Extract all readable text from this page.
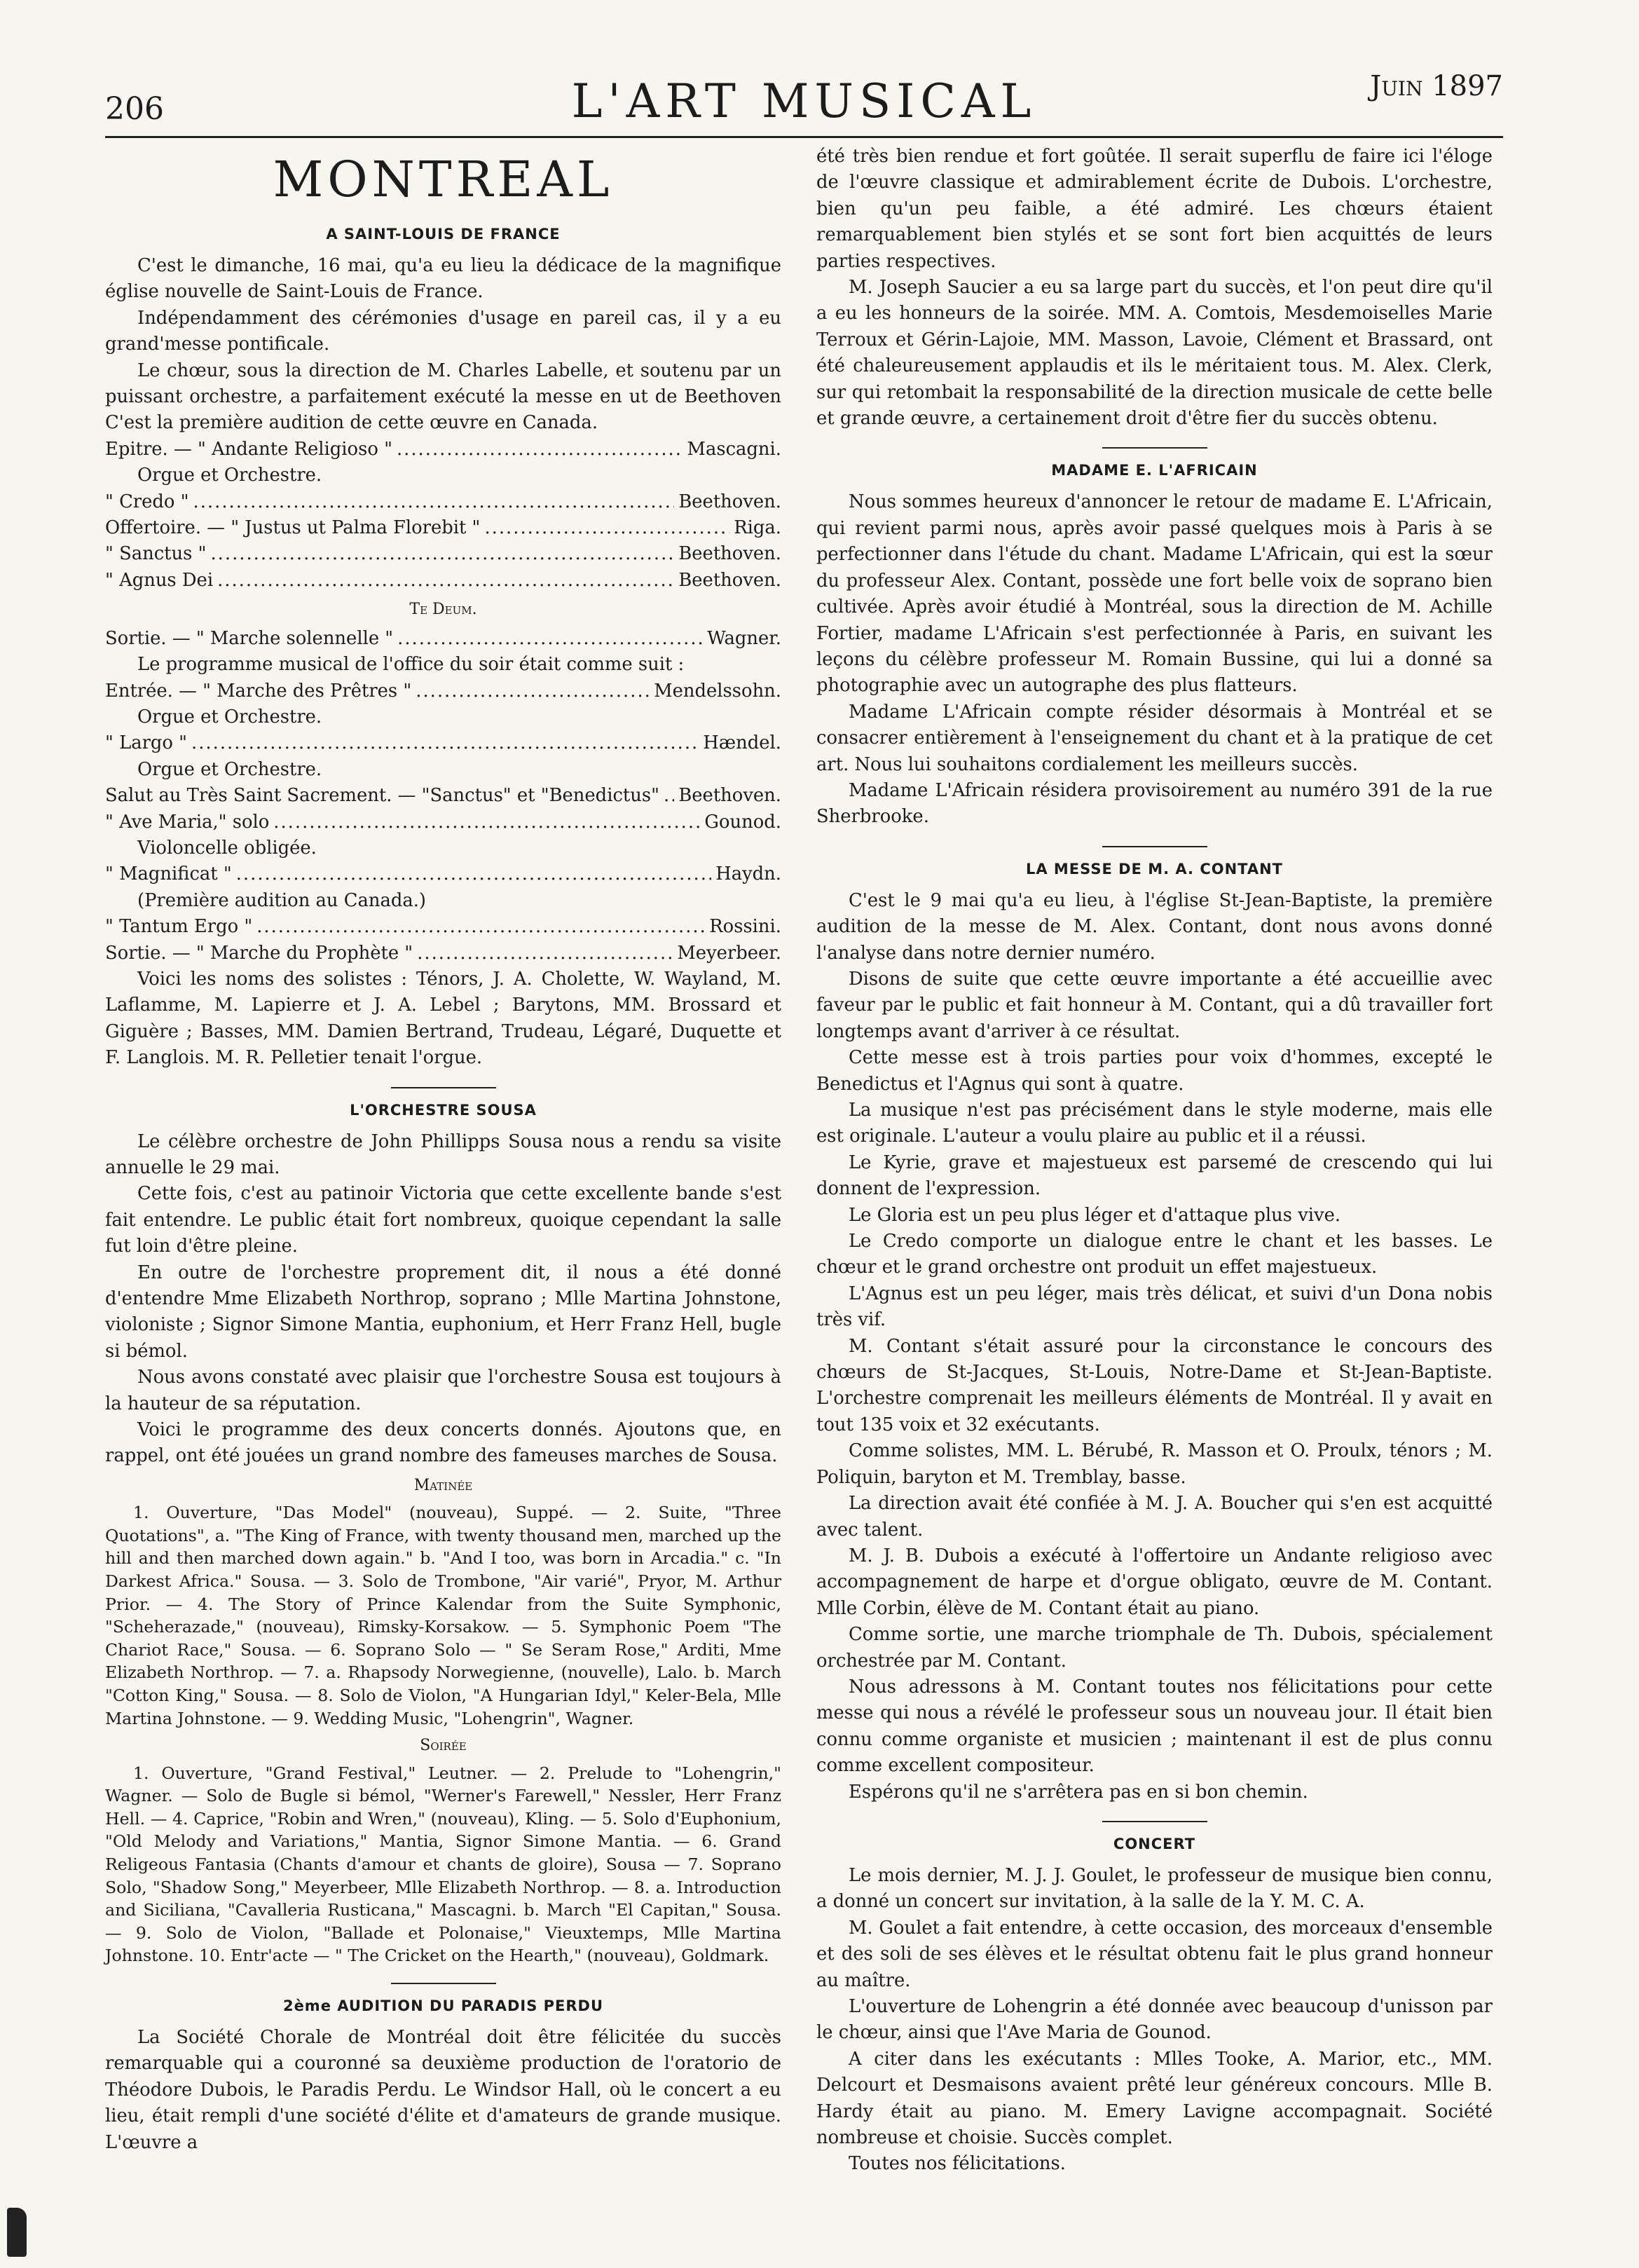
206	L'ART MUSICAL	Juin 1897
MONTREAL
A SAINT-LOUIS DE FRANCE

C'est le dimanche, 16 mai, qu'a eu lieu la dédicace de la magnifique église nouvelle de Saint-Louis de France.

Indépendamment des cérémonies d'usage en pareil cas, il y a eu grand'messe pontificale.

Le chœur, sous la direction de M. Charles Labelle, et soutenu par un puissant orchestre, a parfaitement exécuté la messe en ut de Beethoven C'est la première audition de cette œuvre en Canada.

Epitre. — " Andante Religioso " .....	Mascagni.

Orgue et Orchestre.

" Credo " .....	Beethoven.
Offertoire. — " Justus ut Palma Florebit " .....	Riga.
" Sanctus " .....	Beethoven.
" Agnus Dei .....	Beethoven.
Te Deum.
Sortie. — " Marche solennelle " .....	Wagner.

Le programme musical de l'office du soir était comme suit :

Entrée. — " Marche des Prêtres " .....	Mendelssohn.

Orgue et Orchestre.

" Largo " .....	Hændel.

Orgue et Orchestre.

Salut au Très Saint Sacrement. — "Sanctus" et "Benedictus" ..... Beethoven.
" Ave Maria," solo .....	Gounod.

Violoncelle obligée.

" Magnificat " .....	Haydn.

(Première audition au Canada.)

" Tantum Ergo " .....	Rossini.
Sortie. — " Marche du Prophète " .....	Meyerbeer.

Voici les noms des solistes : Ténors, J. A. Cholette, W. Wayland, M. Laflamme, M. Lapierre et J. A. Lebel ; Barytons, MM. Brossard et Giguère ; Basses, MM. Damien Bertrand, Trudeau, Légaré, Duquette et F. Langlois. M. R. Pelletier tenait l'orgue.

L'ORCHESTRE SOUSA

Le célèbre orchestre de John Phillipps Sousa nous a rendu sa visite annuelle le 29 mai.

Cette fois, c'est au patinoir Victoria que cette excellente bande s'est fait entendre. Le public était fort nombreux, quoique cependant la salle fut loin d'être pleine.

En outre de l'orchestre proprement dit, il nous a été donné d'entendre Mme Elizabeth Northrop, soprano ; Mlle Martina Johnstone, violoniste ; Signor Simone Mantia, euphonium, et Herr Franz Hell, bugle si bémol.

Nous avons constaté avec plaisir que l'orchestre Sousa est toujours à la hauteur de sa réputation.

Voici le programme des deux concerts donnés. Ajoutons que, en rappel, ont été jouées un grand nombre des fameuses marches de Sousa.

Matinée

1. Ouverture, "Das Model" (nouveau), Suppé. — 2. Suite, "Three Quotations", a. "The King of France, with twenty thousand men, marched up the hill and then marched down again." b. "And I too, was born in Arcadia." c. "In Darkest Africa." Sousa. — 3. Solo de Trombone, "Air varié", Pryor, M. Arthur Prior. — 4. The Story of Prince Kalendar from the Suite Symphonic, "Scheherazade," (nouveau), Rimsky-Korsakow. — 5. Symphonic Poem "The Chariot Race," Sousa. — 6. Soprano Solo — " Se Seram Rose," Arditi, Mme Elizabeth Northrop. — 7. a. Rhapsody Norwegienne, (nouvelle), Lalo. b. March "Cotton King," Sousa. — 8. Solo de Violon, "A Hungarian Idyl," Keler-Bela, Mlle Martina Johnstone. — 9. Wedding Music, "Lohengrin", Wagner.

Soirée

1. Ouverture, "Grand Festival," Leutner. — 2. Prelude to "Lohengrin," Wagner. — Solo de Bugle si bémol, "Werner's Farewell," Nessler, Herr Franz Hell. — 4. Caprice, "Robin and Wren," (nouveau), Kling. — 5. Solo d'Euphonium, "Old Melody and Variations," Mantia, Signor Simone Mantia. — 6. Grand Religeous Fantasia (Chants d'amour et chants de gloire), Sousa — 7. Soprano Solo, "Shadow Song," Meyerbeer, Mlle Elizabeth Northrop. — 8. a. Introduction and Siciliana, "Cavalleria Rusticana," Mascagni. b. March "El Capitan," Sousa. — 9. Solo de Violon, "Ballade et Polonaise," Vieuxtemps, Mlle Martina Johnstone. 10. Entr'acte — " The Cricket on the Hearth," (nouveau), Goldmark.

2ème AUDITION DU PARADIS PERDU

La Société Chorale de Montréal doit être félicitée du succès remarquable qui a couronné sa deuxième production de l'oratorio de Théodore Dubois, le Paradis Perdu. Le Windsor Hall, où le concert a eu lieu, était rempli d'une société d'élite et d'amateurs de grande musique. L'œuvre a

été très bien rendue et fort goûtée. Il serait superflu de faire ici l'éloge de l'œuvre classique et admirablement écrite de Dubois. L'orchestre, bien qu'un peu faible, a été admiré. Les chœurs étaient remarquablement bien stylés et se sont fort bien acquittés de leurs parties respectives.

M. Joseph Saucier a eu sa large part du succès, et l'on peut dire qu'il a eu les honneurs de la soirée. MM. A. Comtois, Mesdemoiselles Marie Terroux et Gérin-Lajoie, MM. Masson, Lavoie, Clément et Brassard, ont été chaleureusement applaudis et ils le méritaient tous. M. Alex. Clerk, sur qui retombait la responsabilité de la direction musicale de cette belle et grande œuvre, a certainement droit d'être fier du succès obtenu.

MADAME E. L'AFRICAIN

Nous sommes heureux d'annoncer le retour de madame E. L'Africain, qui revient parmi nous, après avoir passé quelques mois à Paris à se perfectionner dans l'étude du chant. Madame L'Africain, qui est la sœur du professeur Alex. Contant, possède une fort belle voix de soprano bien cultivée. Après avoir étudié à Montréal, sous la direction de M. Achille Fortier, madame L'Africain s'est perfectionnée à Paris, en suivant les leçons du célèbre professeur M. Romain Bussine, qui lui a donné sa photographie avec un autographe des plus flatteurs.

Madame L'Africain compte résider désormais à Montréal et se consacrer entièrement à l'enseignement du chant et à la pratique de cet art. Nous lui souhaitons cordialement les meilleurs succès.

Madame L'Africain résidera provisoirement au numéro 391 de la rue Sherbrooke.

LA MESSE DE M. A. CONTANT

C'est le 9 mai qu'a eu lieu, à l'église St-Jean-Baptiste, la première audition de la messe de M. Alex. Contant, dont nous avons donné l'analyse dans notre dernier numéro.

Disons de suite que cette œuvre importante a été accueillie avec faveur par le public et fait honneur à M. Contant, qui a dû travailler fort longtemps avant d'arriver à ce résultat.

Cette messe est à trois parties pour voix d'hommes, excepté le Benedictus et l'Agnus qui sont à quatre.

La musique n'est pas précisément dans le style moderne, mais elle est originale. L'auteur a voulu plaire au public et il a réussi.

Le Kyrie, grave et majestueux est parsemé de crescendo qui lui donnent de l'expression.

Le Gloria est un peu plus léger et d'attaque plus vive.

Le Credo comporte un dialogue entre le chant et les basses. Le chœur et le grand orchestre ont produit un effet majestueux.

L'Agnus est un peu léger, mais très délicat, et suivi d'un Dona nobis très vif.

M. Contant s'était assuré pour la circonstance le concours des chœurs de St-Jacques, St-Louis, Notre-Dame et St-Jean-Baptiste. L'orchestre comprenait les meilleurs éléments de Montréal. Il y avait en tout 135 voix et 32 exécutants.

Comme solistes, MM. L. Bérubé, R. Masson et O. Proulx, ténors ; M. Poliquin, baryton et M. Tremblay, basse.

La direction avait été confiée à M. J. A. Boucher qui s'en est acquitté avec talent.

M. J. B. Dubois a exécuté à l'offertoire un Andante religioso avec accompagnement de harpe et d'orgue obligato, œuvre de M. Contant. Mlle Corbin, élève de M. Contant était au piano.

Comme sortie, une marche triomphale de Th. Dubois, spécialement orchestrée par M. Contant.

Nous adressons à M. Contant toutes nos félicitations pour cette messe qui nous a révélé le professeur sous un nouveau jour. Il était bien connu comme organiste et musicien ; maintenant il est de plus connu comme excellent compositeur.

Espérons qu'il ne s'arrêtera pas en si bon chemin.

CONCERT

Le mois dernier, M. J. J. Goulet, le professeur de musique bien connu, a donné un concert sur invitation, à la salle de la Y. M. C. A.

M. Goulet a fait entendre, à cette occasion, des morceaux d'ensemble et des soli de ses élèves et le résultat obtenu fait le plus grand honneur au maître.

L'ouverture de Lohengrin a été donnée avec beaucoup d'unisson par le chœur, ainsi que l'Ave Maria de Gounod.

A citer dans les exécutants : Mlles Tooke, A. Marior, etc., MM. Delcourt et Desmaisons avaient prêté leur généreux concours. Mlle B. Hardy était au piano. M. Emery Lavigne accompagnait. Société nombreuse et choisie. Succès complet.

Toutes nos félicitations.
